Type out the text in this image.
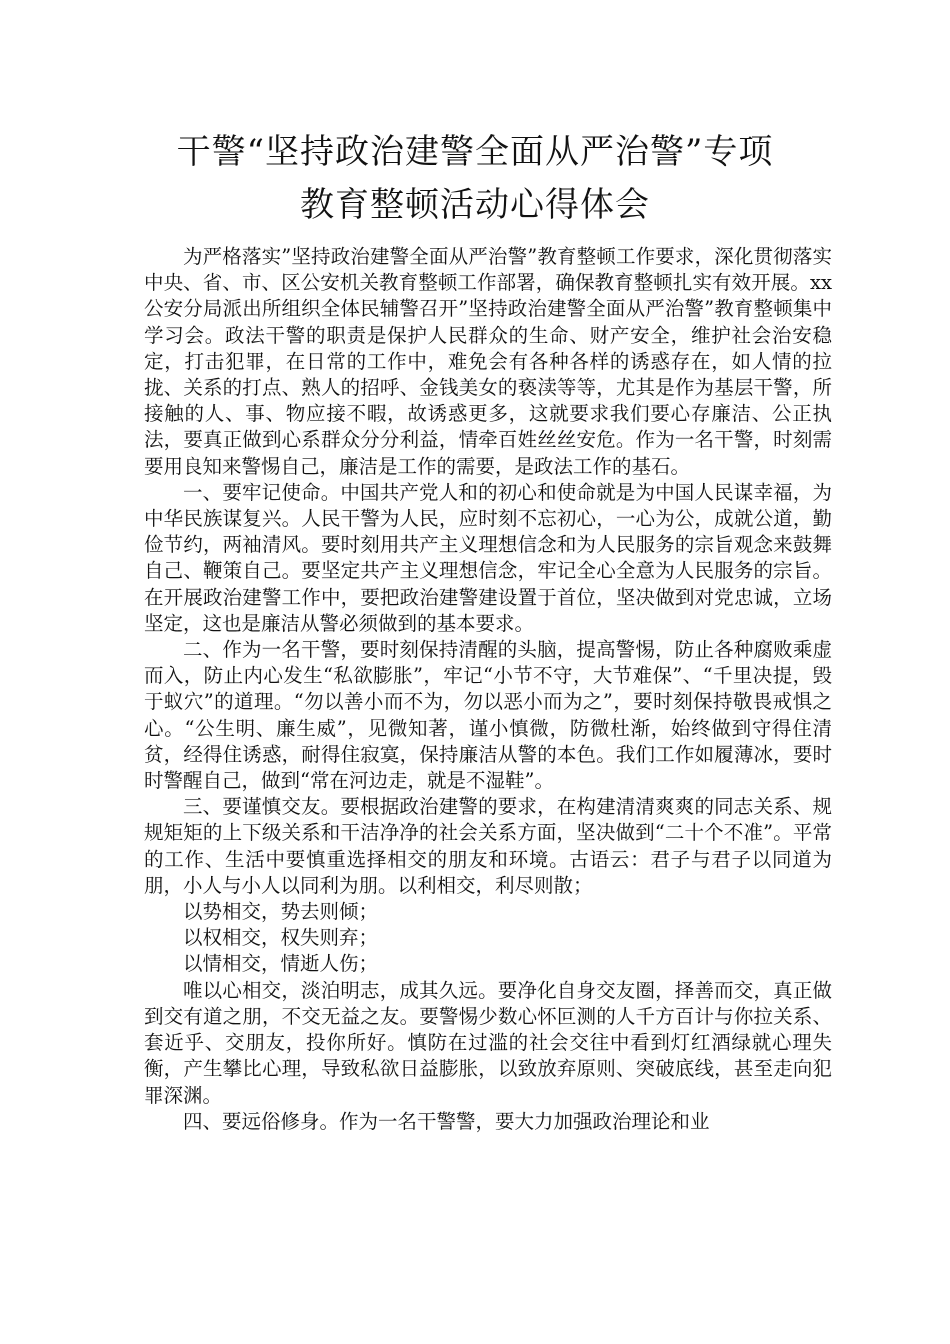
干警“坚持政治建警全面从严治警”专项
教育整顿活动心得体会

为严格落实”坚持政治建警全面从严治警”教育整顿工作要求，深化贯彻落实中央、省、市、区公安机关教育整顿工作部署，确保教育整顿扎实有效开展。xx公安分局派出所组织全体民辅警召开”坚持政治建警全面从严治警”教育整顿集中学习会。政法干警的职责是保护人民群众的生命、财产安全，维护社会治安稳定，打击犯罪，在日常的工作中，难免会有各种各样的诱惑存在，如人情的拉拢、关系的打点、熟人的招呼、金钱美女的亵渎等等，尤其是作为基层干警，所接触的人、事、物应接不暇，故诱惑更多，这就要求我们要心存廉洁、公正执法，要真正做到心系群众分分利益，情牵百姓丝丝安危。作为一名干警，时刻需要用良知来警惕自己，廉洁是工作的需要，是政法工作的基石。

一、要牢记使命。中国共产党人和的初心和使命就是为中国人民谋幸福，为中华民族谋复兴。人民干警为人民，应时刻不忘初心，一心为公，成就公道，勤俭节约，两袖清风。要时刻用共产主义理想信念和为人民服务的宗旨观念来鼓舞自己、鞭策自己。要坚定共产主义理想信念，牢记全心全意为人民服务的宗旨。在开展政治建警工作中，要把政治建警建设置于首位，坚决做到对党忠诚，立场坚定，这也是廉洁从警必须做到的基本要求。

二、作为一名干警，要时刻保持清醒的头脑，提高警惕，防止各种腐败乘虚而入，防止内心发生“私欲膨胀”，牢记“小节不守，大节难保”、“千里决提，毁于蚁穴”的道理。“勿以善小而不为，勿以恶小而为之”，要时刻保持敬畏戒惧之心。“公生明、廉生威”，见微知著，谨小慎微，防微杜渐，始终做到守得住清贫，经得住诱惑，耐得住寂寞，保持廉洁从警的本色。我们工作如履薄冰，要时时警醒自己，做到“常在河边走，就是不湿鞋”。

三、要谨慎交友。要根据政治建警的要求，在构建清清爽爽的同志关系、规规矩矩的上下级关系和干洁净净的社会关系方面，坚决做到“二十个不准”。平常的工作、生活中要慎重选择相交的朋友和环境。古语云：君子与君子以同道为朋，小人与小人以同利为朋。以利相交，利尽则散；

以势相交，势去则倾；

以权相交，权失则弃；

以情相交，情逝人伤；

唯以心相交，淡泊明志，成其久远。要净化自身交友圈，择善而交，真正做到交有道之朋，不交无益之友。要警惕少数心怀叵测的人千方百计与你拉关系、套近乎、交朋友，投你所好。慎防在过滥的社会交往中看到灯红酒绿就心理失衡，产生攀比心理，导致私欲日益膨胀，以致放弃原则、突破底线，甚至走向犯罪深渊。

四、要远俗修身。作为一名干警警，要大力加强政治理论和业
